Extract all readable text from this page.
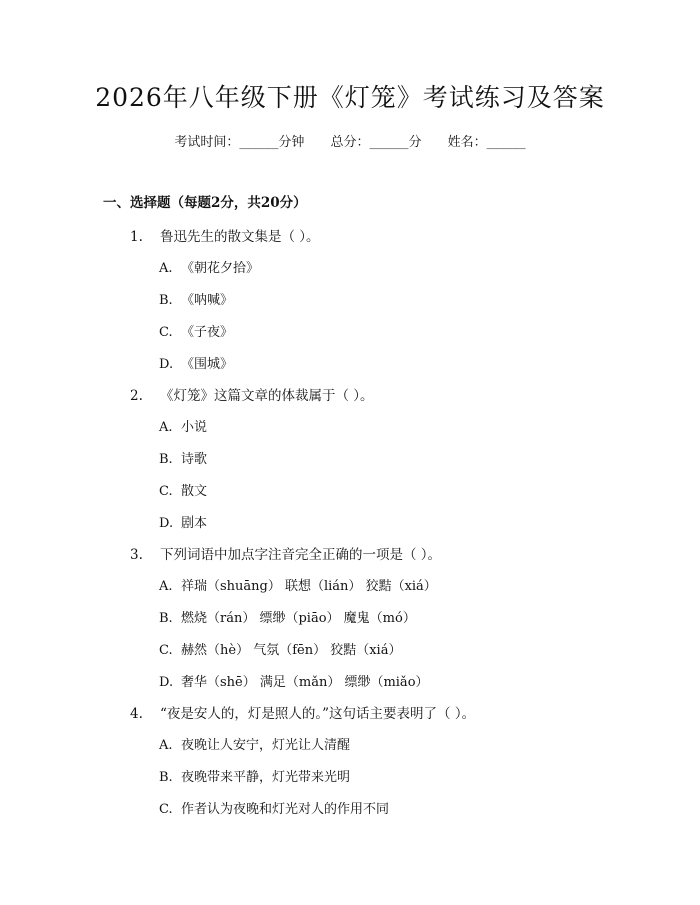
2026年八年级下册《灯笼》考试练习及答案
考试时间：______分钟 总分：______分 姓名：______
一、选择题（每题2分，共20分）
1. 鲁迅先生的散文集是（ ）。
A. 《朝花夕拾》
B. 《呐喊》
C. 《子夜》
D. 《围城》
2. 《灯笼》这篇文章的体裁属于（ ）。
A. 小说
B. 诗歌
C. 散文
D. 剧本
3. 下列词语中加点字注音完全正确的一项是（ ）。
A. 祥瑞（shuāng） 联想（lián） 狡黠（xiá）
B. 燃烧（rán） 缥缈（piāo） 魔鬼（mó）
C. 赫然（hè） 气氛（fēn） 狡黠（xiá）
D. 奢华（shē） 满足（mǎn） 缥缈（miǎo）
4. “夜是安人的，灯是照人的。”这句话主要表明了（ ）。
A. 夜晚让人安宁，灯光让人清醒
B. 夜晚带来平静，灯光带来光明
C. 作者认为夜晚和灯光对人的作用不同
